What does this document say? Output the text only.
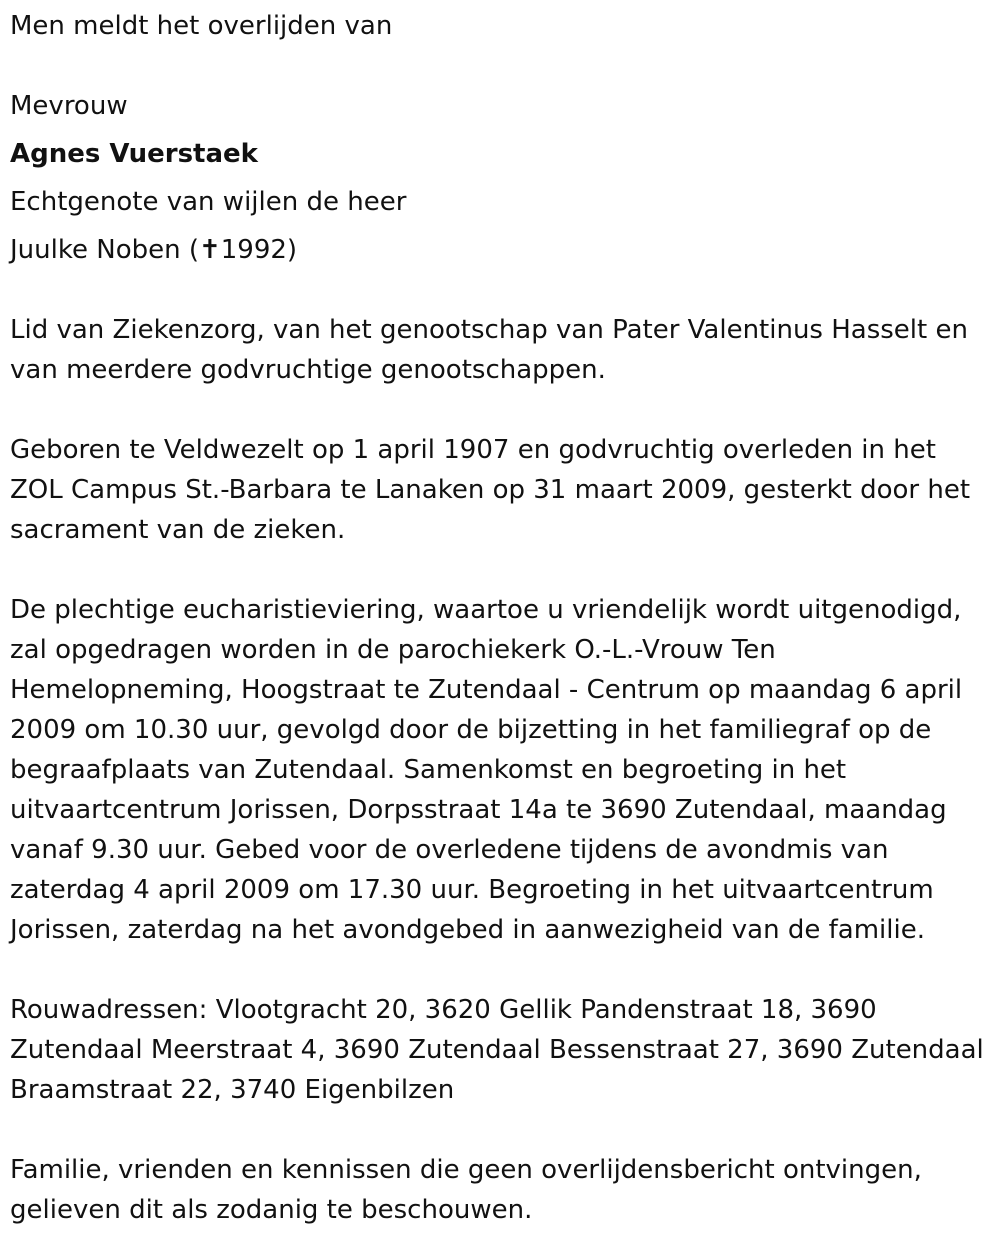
Men meldt het overlijden van

Mevrouw

Agnes Vuerstaek

Echtgenote van wijlen de heer

Juulke Noben (✝1992)

Lid van Ziekenzorg, van het genootschap van Pater Valentinus Hasselt en van meerdere godvruchtige genootschappen.

Geboren te Veldwezelt op 1 april 1907 en godvruchtig overleden in het ZOL Campus St.-Barbara te Lanaken op 31 maart 2009, gesterkt door het sacrament van de zieken.

De plechtige eucharistieviering, waartoe u vriendelijk wordt uitgenodigd, zal opgedragen worden in de parochiekerk O.-L.-Vrouw Ten Hemelopneming, Hoogstraat te Zutendaal - Centrum op maandag 6 april 2009 om 10.30 uur, gevolgd door de bijzetting in het familiegraf op de begraafplaats van Zutendaal. Samenkomst en begroeting in het uitvaartcentrum Jorissen, Dorpsstraat 14a te 3690 Zutendaal, maandag vanaf 9.30 uur. Gebed voor de overledene tijdens de avondmis van zaterdag 4 april 2009 om 17.30 uur. Begroeting in het uitvaartcentrum Jorissen, zaterdag na het avondgebed in aanwezigheid van de familie.

Rouwadressen: Vlootgracht 20, 3620 Gellik Pandenstraat 18, 3690 Zutendaal Meerstraat 4, 3690 Zutendaal Bessenstraat 27, 3690 Zutendaal Braamstraat 22, 3740 Eigenbilzen

Familie, vrienden en kennissen die geen overlijdensbericht ontvingen, gelieven dit als zodanig te beschouwen.
